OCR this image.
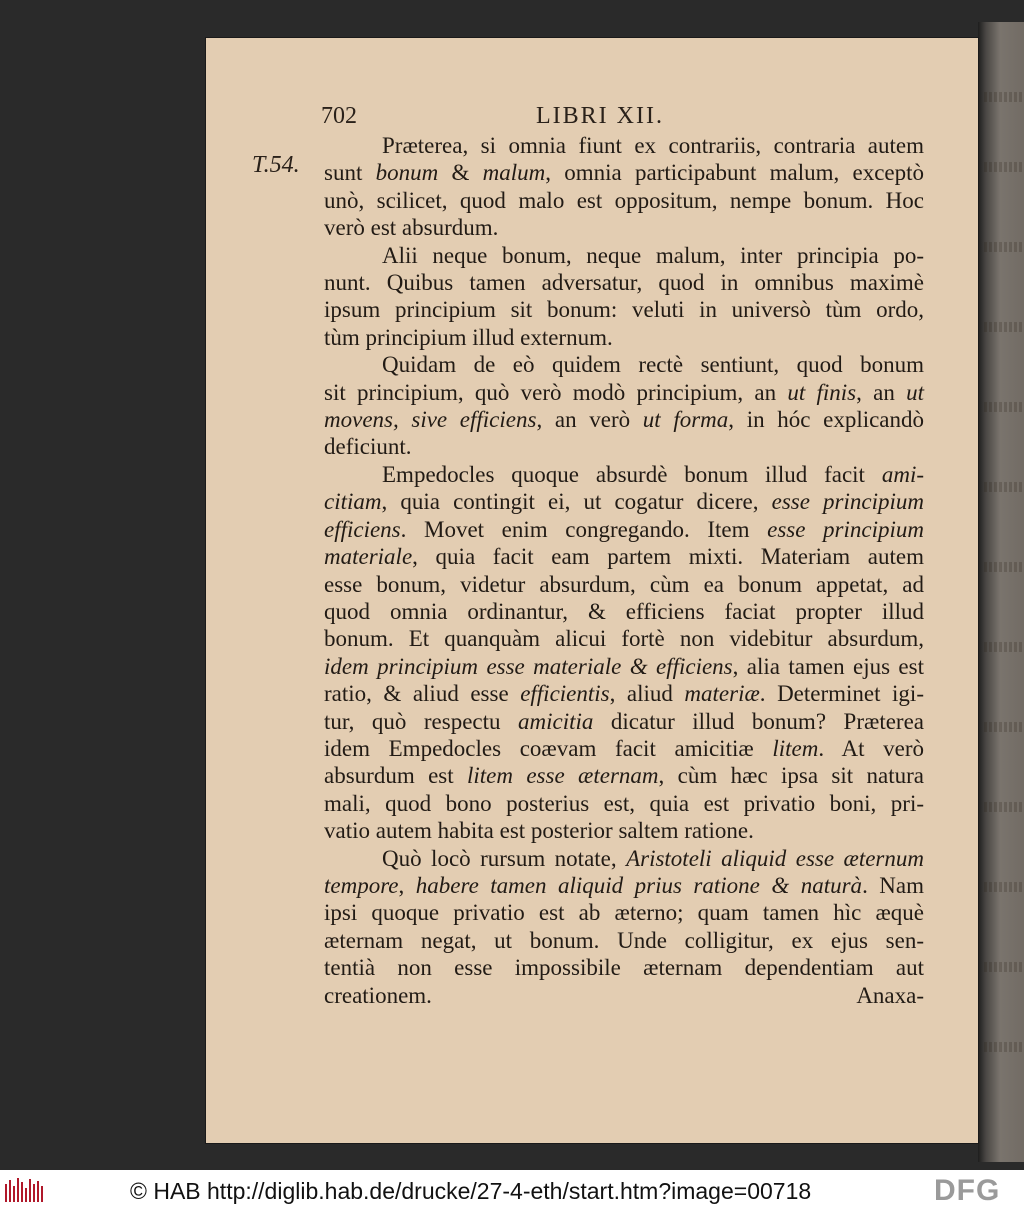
702	LIBRI XII.
T.54.
Præterea, si omnia fiunt ex contrariis, contraria autem
sunt bonum & malum, omnia participabunt malum, exceptò
unò, scilicet, quod malo est oppositum, nempe bonum. Hoc
verò est absurdum.
Alii neque bonum, neque malum, inter principia po-
nunt. Quibus tamen adversatur, quod in omnibus maximè
ipsum principium sit bonum: veluti in universò tùm ordo,
tùm principium illud externum.
Quidam de eò quidem rectè sentiunt, quod bonum
sit principium, quò verò modò principium, an ut finis, an ut
movens, sive efficiens, an verò ut forma, in hóc explicandò
deficiunt.
Empedocles quoque absurdè bonum illud facit ami-
citiam, quia contingit ei, ut cogatur dicere, esse principium
efficiens. Movet enim congregando. Item esse principium
materiale, quia facit eam partem mixti. Materiam autem
esse bonum, videtur absurdum, cùm ea bonum appetat, ad
quod omnia ordinantur, & efficiens faciat propter illud
bonum. Et quanquàm alicui fortè non videbitur absurdum,
idem principium esse materiale & efficiens, alia tamen ejus est
ratio, & aliud esse efficientis, aliud materiæ. Determinet igi-
tur, quò respectu amicitia dicatur illud bonum? Præterea
idem Empedocles coævam facit amicitiæ litem. At verò
absurdum est litem esse æternam, cùm hæc ipsa sit natura
mali, quod bono posterius est, quia est privatio boni, pri-
vatio autem habita est posterior saltem ratione.
Quò locò rursum notate, Aristoteli aliquid esse æternum
tempore, habere tamen aliquid prius ratione & naturà. Nam
ipsi quoque privatio est ab æterno; quam tamen hìc æquè
æternam negat, ut bonum. Unde colligitur, ex ejus sen-
tentià non esse impossibile æternam dependentiam aut
creationem.	Anaxa-
© HAB http://diglib.hab.de/drucke/27-4-eth/start.htm?image=00718	DFG
